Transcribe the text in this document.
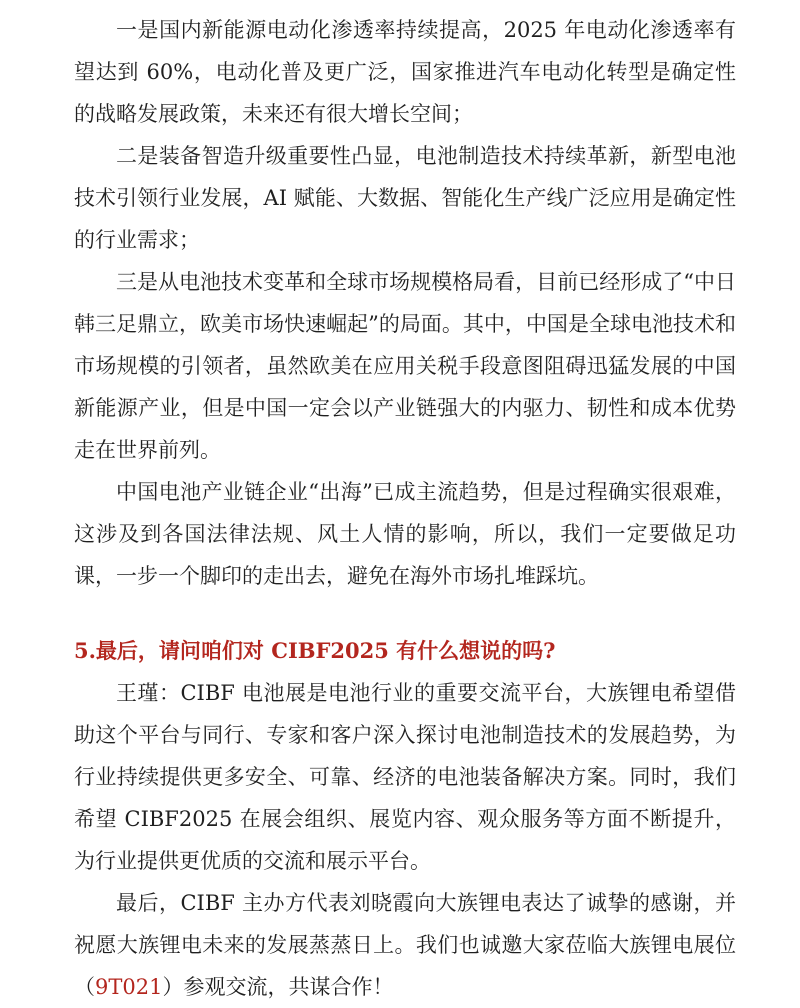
一是国内新能源电动化渗透率持续提高，2025 年电动化渗透率有望达到 60%，电动化普及更广泛，国家推进汽车电动化转型是确定性的战略发展政策，未来还有很大增长空间；

二是装备智造升级重要性凸显，电池制造技术持续革新，新型电池技术引领行业发展，AI 赋能、大数据、智能化生产线广泛应用是确定性的行业需求；

三是从电池技术变革和全球市场规模格局看，目前已经形成了“中日韩三足鼎立，欧美市场快速崛起”的局面。其中，中国是全球电池技术和市场规模的引领者，虽然欧美在应用关税手段意图阻碍迅猛发展的中国新能源产业，但是中国一定会以产业链强大的内驱力、韧性和成本优势走在世界前列。

中国电池产业链企业“出海”已成主流趋势，但是过程确实很艰难，这涉及到各国法律法规、风土人情的影响，所以，我们一定要做足功课，一步一个脚印的走出去，避免在海外市场扎堆踩坑。

5.最后，请问咱们对 CIBF2025 有什么想说的吗?

王瑾：CIBF 电池展是电池行业的重要交流平台，大族锂电希望借助这个平台与同行、专家和客户深入探讨电池制造技术的发展趋势，为行业持续提供更多安全、可靠、经济的电池装备解决方案。同时，我们希望 CIBF2025 在展会组织、展览内容、观众服务等方面不断提升，为行业提供更优质的交流和展示平台。

最后，CIBF 主办方代表刘晓霞向大族锂电表达了诚挚的感谢，并祝愿大族锂电未来的发展蒸蒸日上。我们也诚邀大家莅临大族锂电展位（9T021）参观交流，共谋合作！
